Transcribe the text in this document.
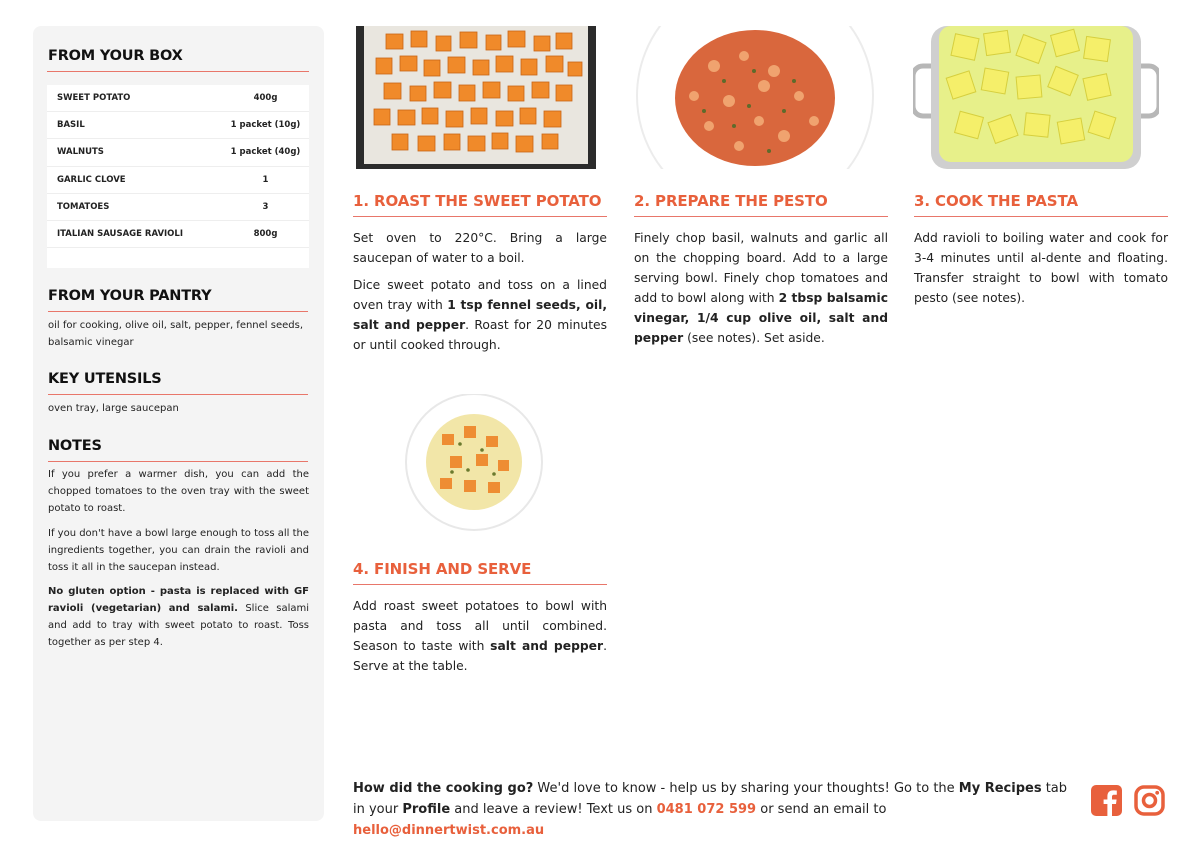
FROM YOUR BOX
SWEET POTATO	400g
BASIL	1 packet (10g)
WALNUTS	1 packet (40g)
GARLIC CLOVE	1
TOMATOES	3
ITALIAN SAUSAGE RAVIOLI	800g
FROM YOUR PANTRY
oil for cooking, olive oil, salt, pepper, fennel seeds, balsamic vinegar
KEY UTENSILS
oven tray, large saucepan
NOTES
If you prefer a warmer dish, you can add the chopped tomatoes to the oven tray with the sweet potato to roast.
If you don't have a bowl large enough to toss all the ingredients together, you can drain the ravioli and toss it all in the saucepan instead.
No gluten option - pasta is replaced with GF ravioli (vegetarian) and salami. Slice salami and add to tray with sweet potato to roast. Toss together as per step 4.
1. ROAST THE SWEET POTATO

Set oven to 220°C. Bring a large saucepan of water to a boil.

Dice sweet potato and toss on a lined oven tray with 1 tsp fennel seeds, oil, salt and pepper. Roast for 20 minutes or until cooked through.

2. PREPARE THE PESTO

Finely chop basil, walnuts and garlic all on the chopping board. Add to a large serving bowl. Finely chop tomatoes and add to bowl along with 2 tbsp balsamic vinegar, 1/4 cup olive oil, salt and pepper (see notes). Set aside.

3. COOK THE PASTA

Add ravioli to boiling water and cook for 3-4 minutes until al-dente and floating. Transfer straight to bowl with tomato pesto (see notes).

4. FINISH AND SERVE

Add roast sweet potatoes to bowl with pasta and toss all until combined. Season to taste with salt and pepper. Serve at the table.

How did the cooking go? We'd love to know - help us by sharing your thoughts! Go to the My Recipes tab in your Profile and leave a review! Text us on 0481 072 599 or send an email to hello@dinnertwist.com.au
